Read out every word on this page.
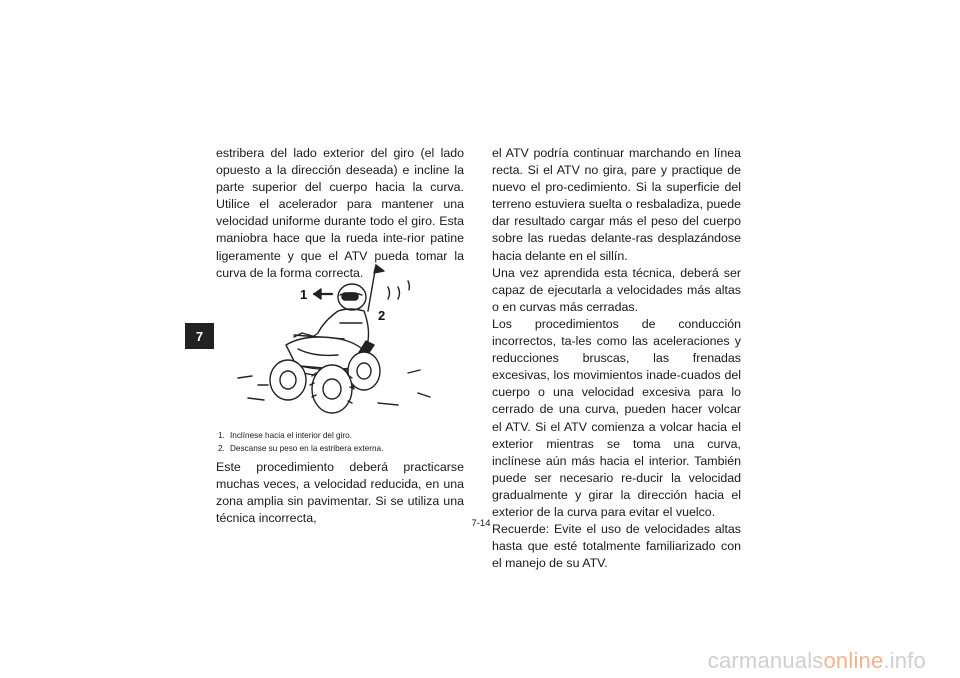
7

estribera del lado exterior del giro (el lado opuesto a la dirección deseada) e incline la parte superior del cuerpo hacia la curva. Utilice el acelerador para mantener una velocidad uniforme durante todo el giro. Esta maniobra hace que la rueda inte-rior patine ligeramente y que el ATV pueda tomar la curva de la forma correcta.

1
2
1. Inclínese hacia el interior del giro.
2. Descanse su peso en la estribera externa.

Este procedimiento deberá practicarse muchas veces, a velocidad reducida, en una zona amplia sin pavimentar. Si se utiliza una técnica incorrecta,

el ATV podría continuar marchando en línea recta. Si el ATV no gira, pare y practique de nuevo el pro-cedimiento. Si la superficie del terreno estuviera suelta o resbaladiza, puede dar resultado cargar más el peso del cuerpo sobre las ruedas delante-ras desplazándose hacia delante en el sillín.

Una vez aprendida esta técnica, deberá ser capaz de ejecutarla a velocidades más altas o en curvas más cerradas.

Los procedimientos de conducción incorrectos, ta-les como las aceleraciones y reducciones bruscas, las frenadas excesivas, los movimientos inade-cuados del cuerpo o una velocidad excesiva para lo cerrado de una curva, pueden hacer volcar el ATV. Si el ATV comienza a volcar hacia el exterior mientras se toma una curva, inclínese aún más hacia el interior. También puede ser necesario re-ducir la velocidad gradualmente y girar la dirección hacia el exterior de la curva para evitar el vuelco.

Recuerde: Evite el uso de velocidades altas hasta que esté totalmente familiarizado con el manejo de su ATV.

7-14
carmanualsonline.info
